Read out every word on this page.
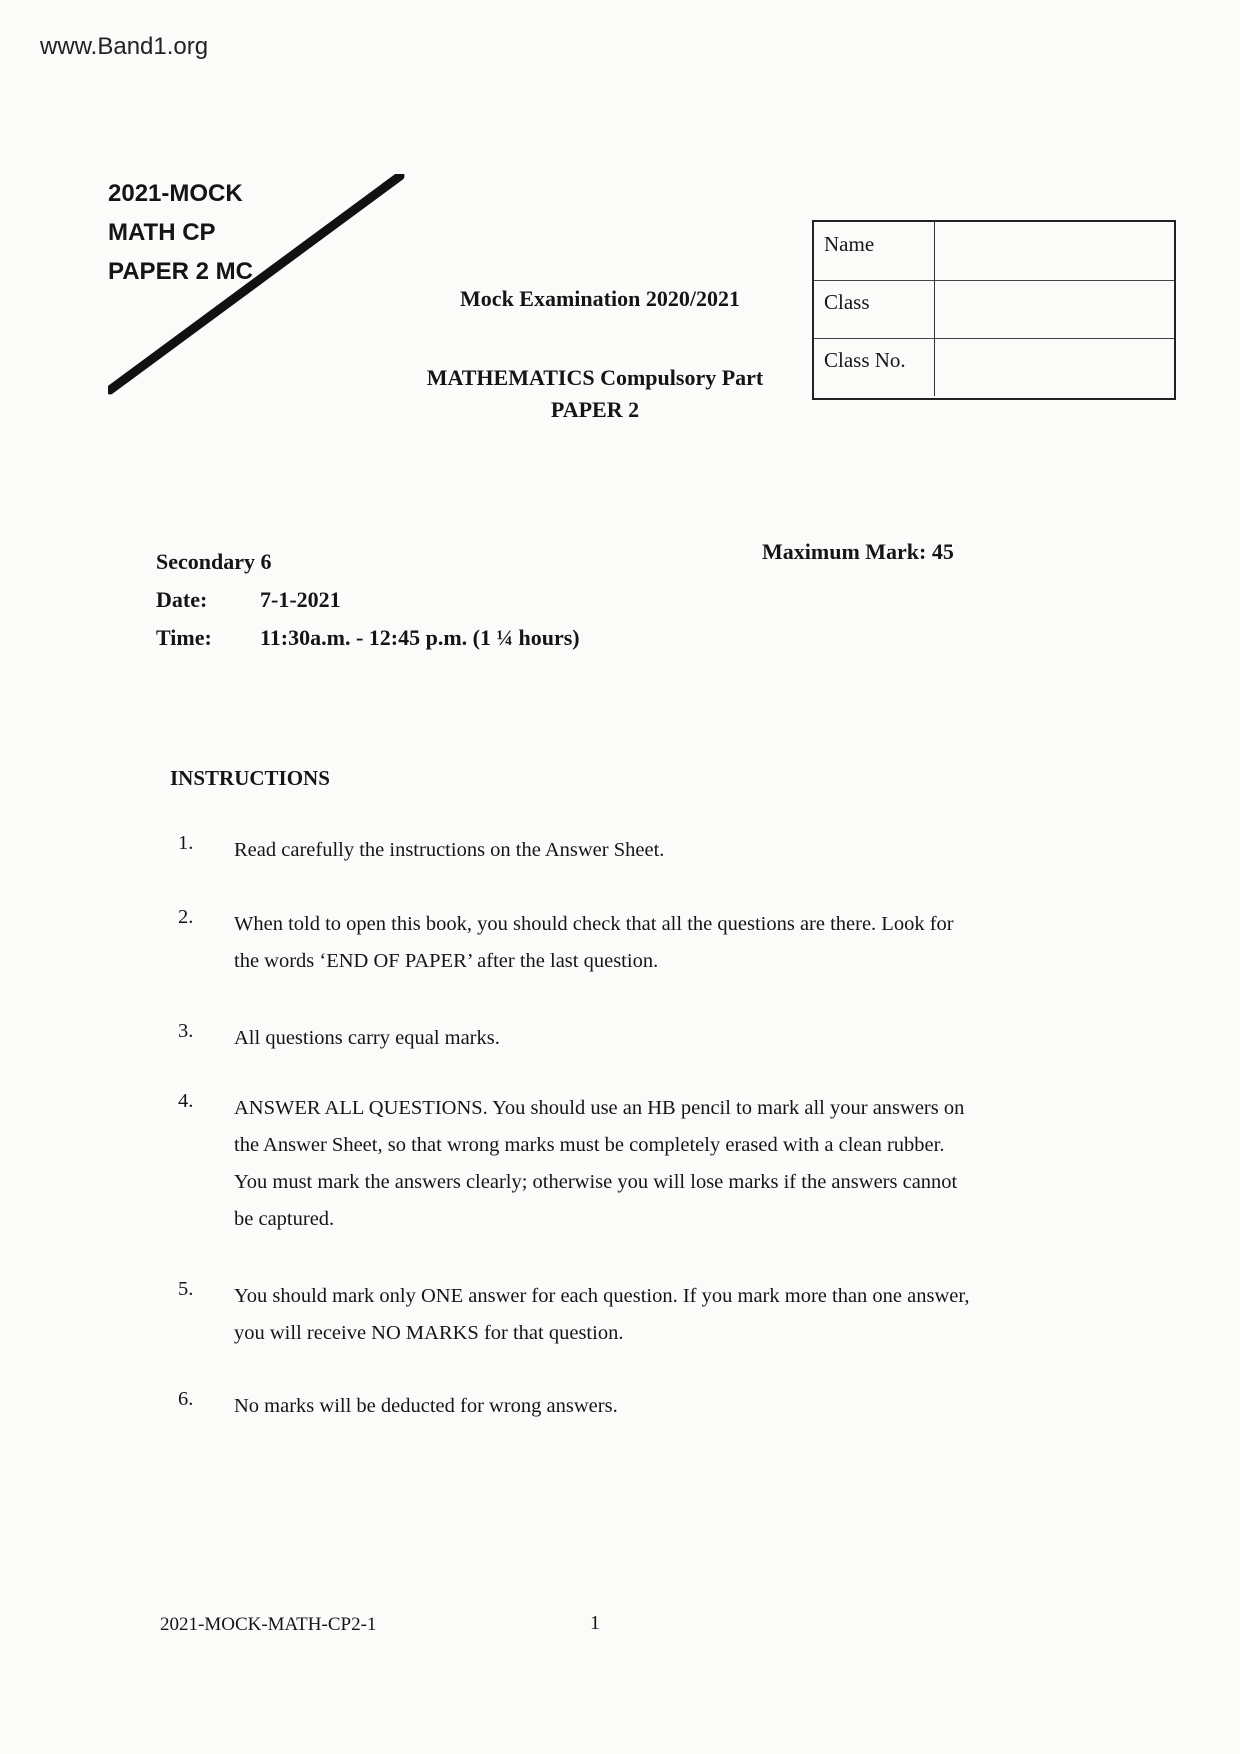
www.Band1.org
2021-MOCK
MATH CP
PAPER 2 MC
Mock Examination 2020/2021
MATHEMATICS Compulsory Part
PAPER 2
Name
Class
Class No.
Secondary 6
Date: 7-1-2021
Time: 11:30a.m. - 12:45 p.m. (1 ¼ hours)
Maximum Mark: 45
INSTRUCTIONS
1.	Read carefully the instructions on the Answer Sheet.
2.	When told to open this book, you should check that all the questions are there. Look for the words ‘END OF PAPER’ after the last question.
3.	All questions carry equal marks.
4.	ANSWER ALL QUESTIONS. You should use an HB pencil to mark all your answers on the Answer Sheet, so that wrong marks must be completely erased with a clean rubber. You must mark the answers clearly; otherwise you will lose marks if the answers cannot be captured.
5.	You should mark only ONE answer for each question. If you mark more than one answer, you will receive NO MARKS for that question.
6.	No marks will be deducted for wrong answers.
2021-MOCK-MATH-CP2-1	1
